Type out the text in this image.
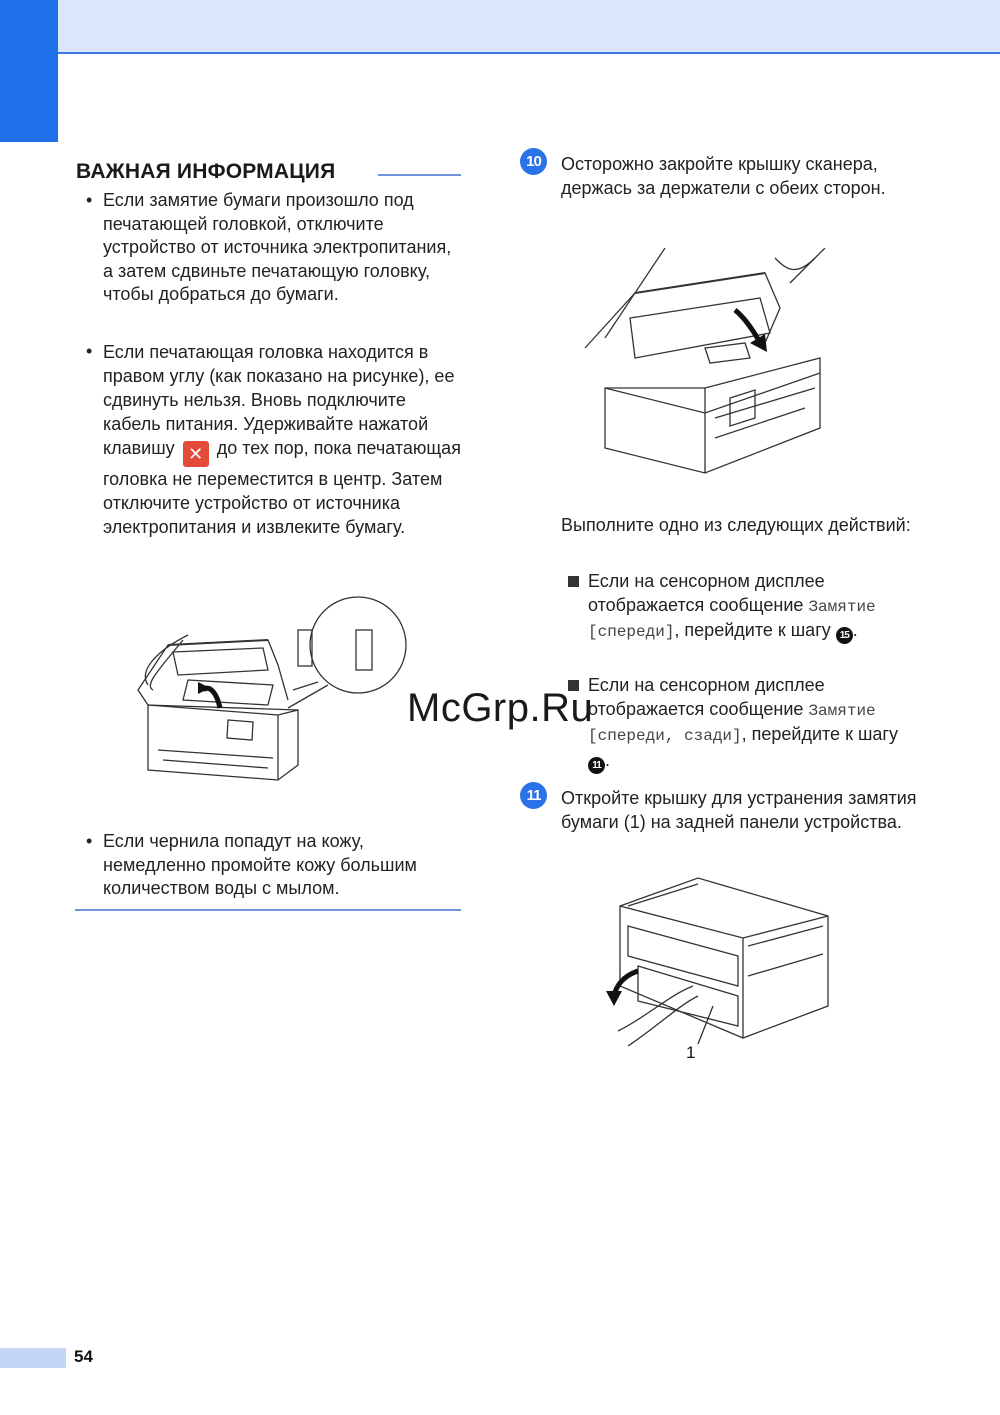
ВАЖНАЯ ИНФОРМАЦИЯ
• Если замятие бумаги произошло под печатающей головкой, отключите устройство от источника электропитания, а затем сдвиньте печатающую головку, чтобы добраться до бумаги.
• Если печатающая головка находится в правом углу (как показано на рисунке), ее сдвинуть нельзя. Вновь подключите кабель питания. Удерживайте нажатой клавишу ✕ до тех пор, пока печатающая головка не переместится в центр. Затем отключите устройство от источника электропитания и извлеките бумагу.
• Если чернила попадут на кожу, немедленно промойте кожу большим количеством воды с мылом.
10	Осторожно закройте крышку сканера, держась за держатели с обеих сторон.
Выполните одно из следующих действий:
Если на сенсорном дисплее отображается сообщение Замятие [спереди], перейдите к шагу 15 .
Если на сенсорном дисплее отображается сообщение Замятие [спереди, сзади], перейдите к шагу 11 .
McGrp.Ru
11	Откройте крышку для устранения замятия бумаги (1) на задней панели устройства.
1
54
